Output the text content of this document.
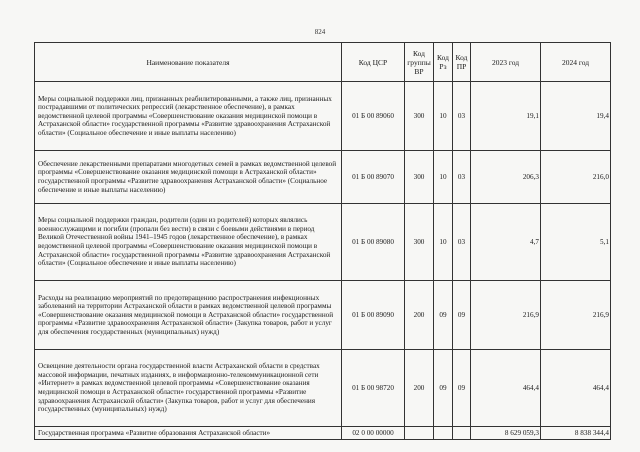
824
Наименование показателя	Код ЦСР	Код группы ВР	Код Рз	Код ПР	2023 год	2024 год
Меры социальной поддержки лиц, признанных реабилитированными, а также лиц, признанных пострадавшими от политических репрессий (лекарственное обеспечение), в рамках ведомственной целевой программы «Совершенствование оказания медицинской помощи в Астраханской области» государственной программы «Развитие здравоохранения Астраханской области» (Социальное обеспечение и иные выплаты населению)	01 Б 00 89060	300	10	03	19,1	19,4
Обеспечение лекарственными препаратами многодетных семей в рамках ведомственной целевой программы «Совершенствование оказания медицинской помощи в Астраханской области» государственной программы «Развитие здравоохранения Астраханской области» (Социальное обеспечение и иные выплаты населению)	01 Б 00 89070	300	10	03	206,3	216,0
Меры социальной поддержки граждан, родители (один из родителей) которых являлись военнослужащими и погибли (пропали без вести) в связи с боевыми действиями в период Великой Отечественной войны 1941–1945 годов (лекарственное обеспечение), в рамках ведомственной целевой программы «Совершенствование оказания медицинской помощи в Астраханской области» государственной программы «Развитие здравоохранения Астраханской области» (Социальное обеспечение и иные выплаты населению)	01 Б 00 89080	300	10	03	4,7	5,1
Расходы на реализацию мероприятий по предотвращению распространения инфекционных заболеваний на территории Астраханской области в рамках ведомственной целевой программы «Совершенствование оказания медицинской помощи в Астраханской области» государственной программы «Развитие здравоохранения Астраханской области» (Закупка товаров, работ и услуг для обеспечения государственных (муниципальных) нужд)	01 Б 00 89090	200	09	09	216,9	216,9
Освещение деятельности органа государственной власти Астраханской области в средствах массовой информации, печатных изданиях, в информационно-телекоммуникационной сети «Интернет» в рамках ведомственной целевой программы «Совершенствование оказания медицинской помощи в Астраханской области» государственной программы «Развитие здравоохранения Астраханской области» (Закупка товаров, работ и услуг для обеспечения государственных (муниципальных) нужд)	01 Б 00 98720	200	09	09	464,4	464,4
Государственная программа «Развитие образования Астраханской области»	02 0 00 00000				8 629 059,3	8 838 344,4
